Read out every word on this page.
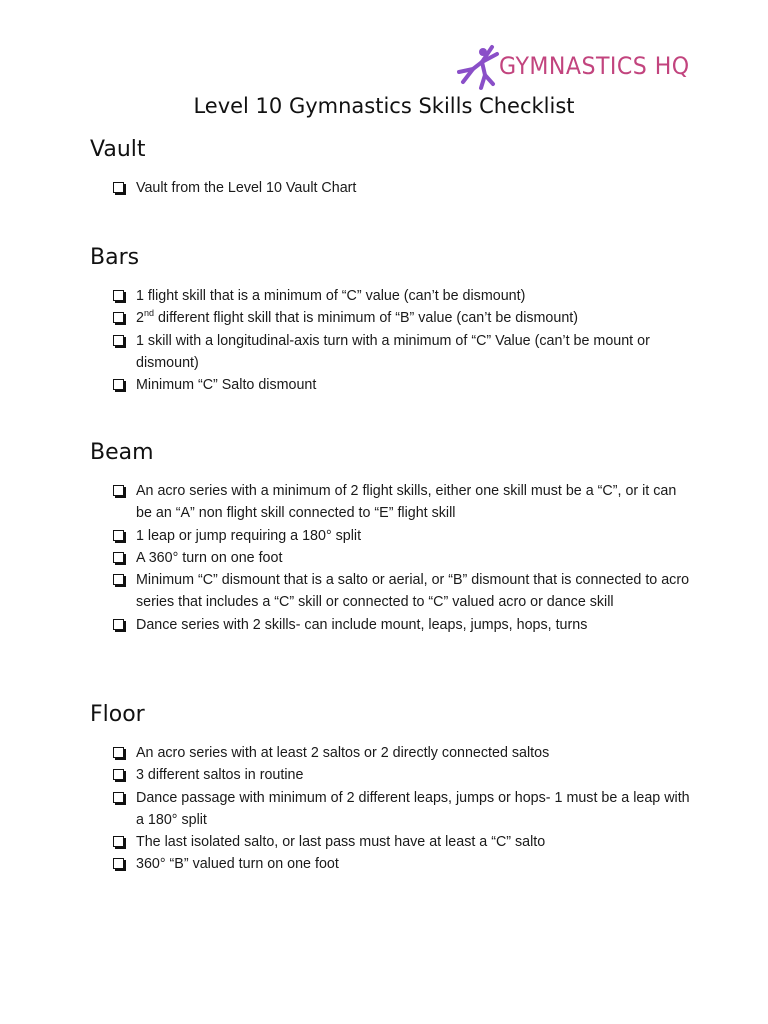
GYMNASTICS HQ
Level 10 Gymnastics Skills Checklist
Vault
Vault from the Level 10 Vault Chart
Bars
1 flight skill that is a minimum of “C” value (can’t be dismount)
2nd different flight skill that is minimum of “B” value (can’t be dismount)
1 skill with a longitudinal-axis turn with a minimum of “C” Value (can’t be mount or dismount)
Minimum “C” Salto dismount
Beam
An acro series with a minimum of 2 flight skills, either one skill must be a “C”, or it can be an “A” non flight skill connected to “E” flight skill
1 leap or jump requiring a 180° split
A 360° turn on one foot
Minimum “C” dismount that is a salto or aerial, or “B” dismount that is connected to acro series that includes a “C” skill or connected to “C” valued acro or dance skill
Dance series with 2 skills- can include mount, leaps, jumps, hops, turns
Floor
An acro series with at least 2 saltos or 2 directly connected saltos
3 different saltos in routine
Dance passage with minimum of 2 different leaps, jumps or hops- 1 must be a leap with a 180° split
The last isolated salto, or last pass must have at least a “C” salto
360° “B” valued turn on one foot
